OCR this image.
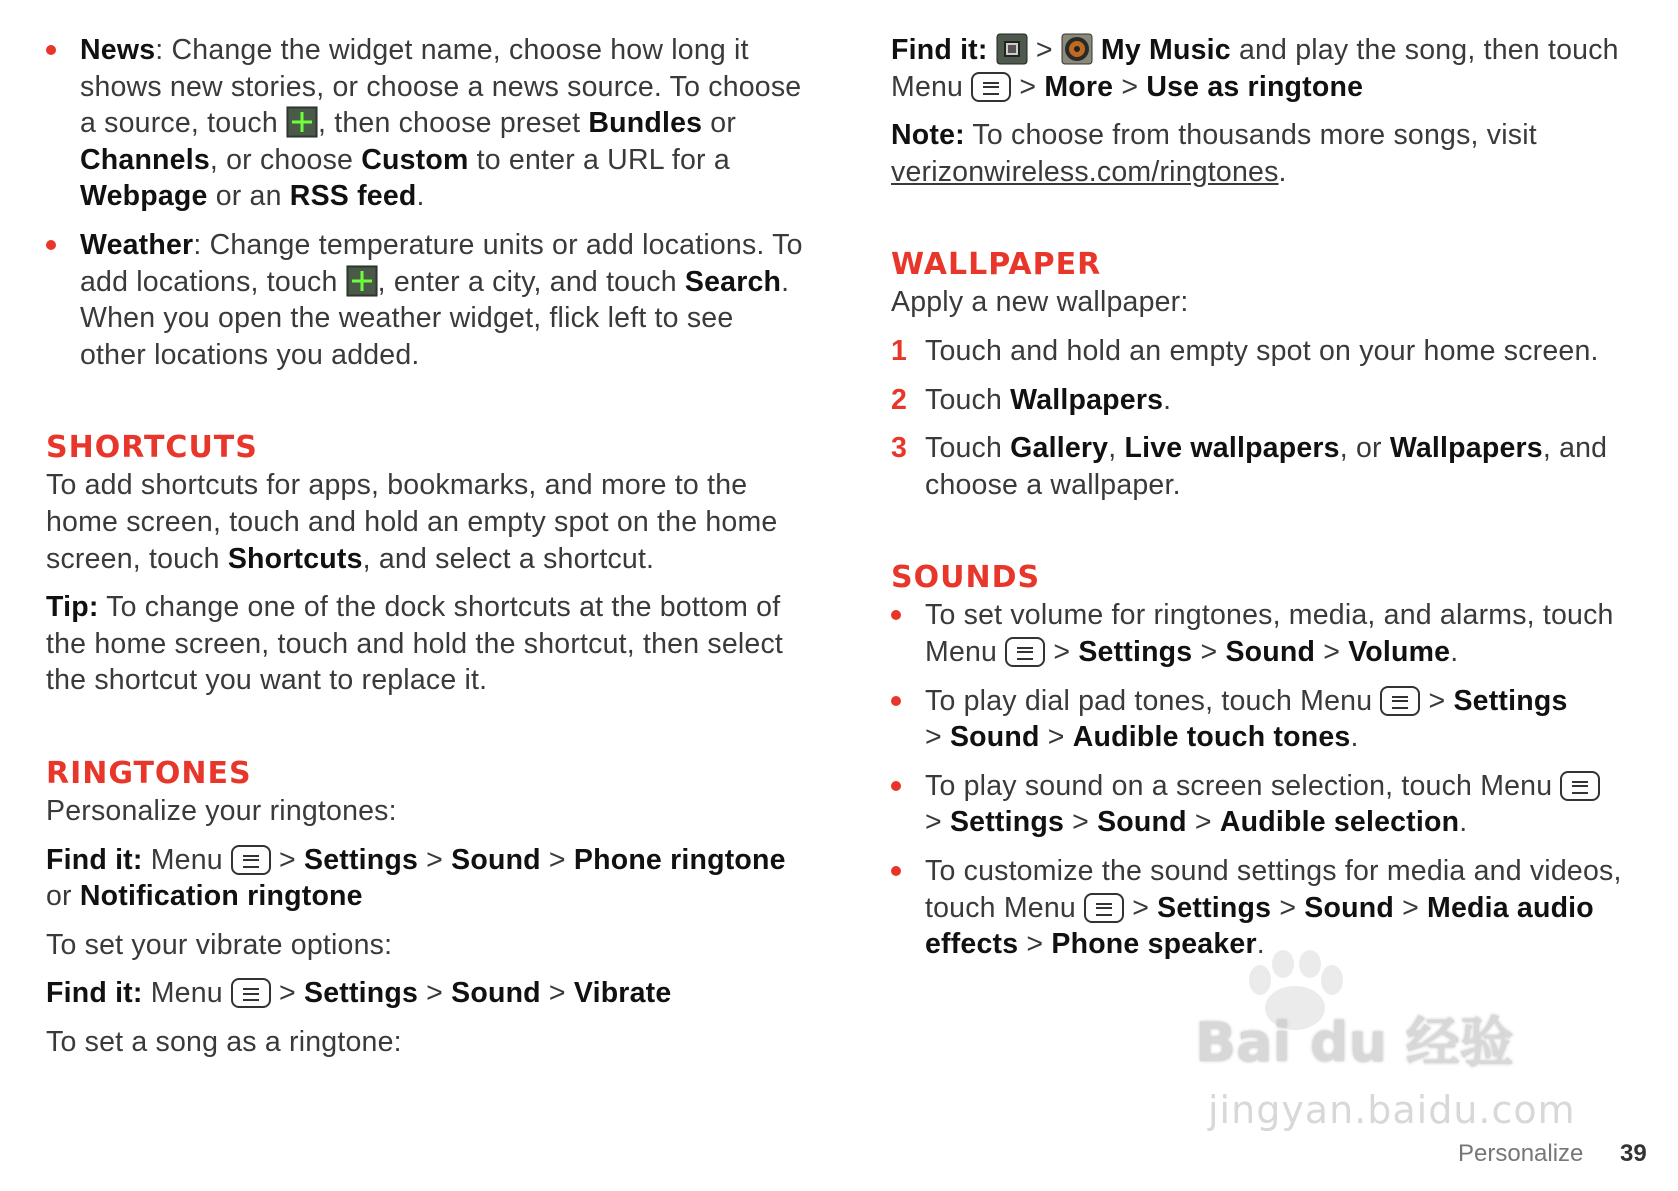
News: Change the widget name, choose how long it shows new stories, or choose a news source. To choose a source, touch , then choose preset Bundles or Channels, or choose Custom to enter a URL for a Webpage or an RSS feed.
Weather: Change temperature units or add locations. To add locations, touch , enter a city, and touch Search. When you open the weather widget, flick left to see other locations you added.
SHORTCUTS

To add shortcuts for apps, bookmarks, and more to the home screen, touch and hold an empty spot on the home screen, touch Shortcuts, and select a shortcut.

Tip: To change one of the dock shortcuts at the bottom of the home screen, touch and hold the shortcut, then select the shortcut you want to replace it.

RINGTONES

Personalize your ringtones:

Find it: Menu > Settings > Sound > Phone ringtone
or Notification ringtone

To set your vibrate options:

Find it: Menu > Settings > Sound > Vibrate

To set a song as a ringtone:

Find it: > My Music and play the song, then touch
Menu > More > Use as ringtone

Note: To choose from thousands more songs, visit verizonwireless.com/ringtones.

WALLPAPER

Apply a new wallpaper:

1 Touch and hold an empty spot on your home screen.
2 Touch Wallpapers.
3 Touch Gallery, Live wallpapers, or Wallpapers, and choose a wallpaper.
SOUNDS
To set volume for ringtones, media, and alarms, touch Menu  > Settings > Sound > Volume.
To play dial pad tones, touch Menu  > Settings
> Sound > Audible touch tones.
To play sound on a screen selection, touch Menu
> Settings > Sound > Audible selection.
To customize the sound settings for media and videos, touch Menu  > Settings > Sound > Media audio effects > Phone speaker.
Bai du 经验
jingyan.baidu.com
Personalize 39
